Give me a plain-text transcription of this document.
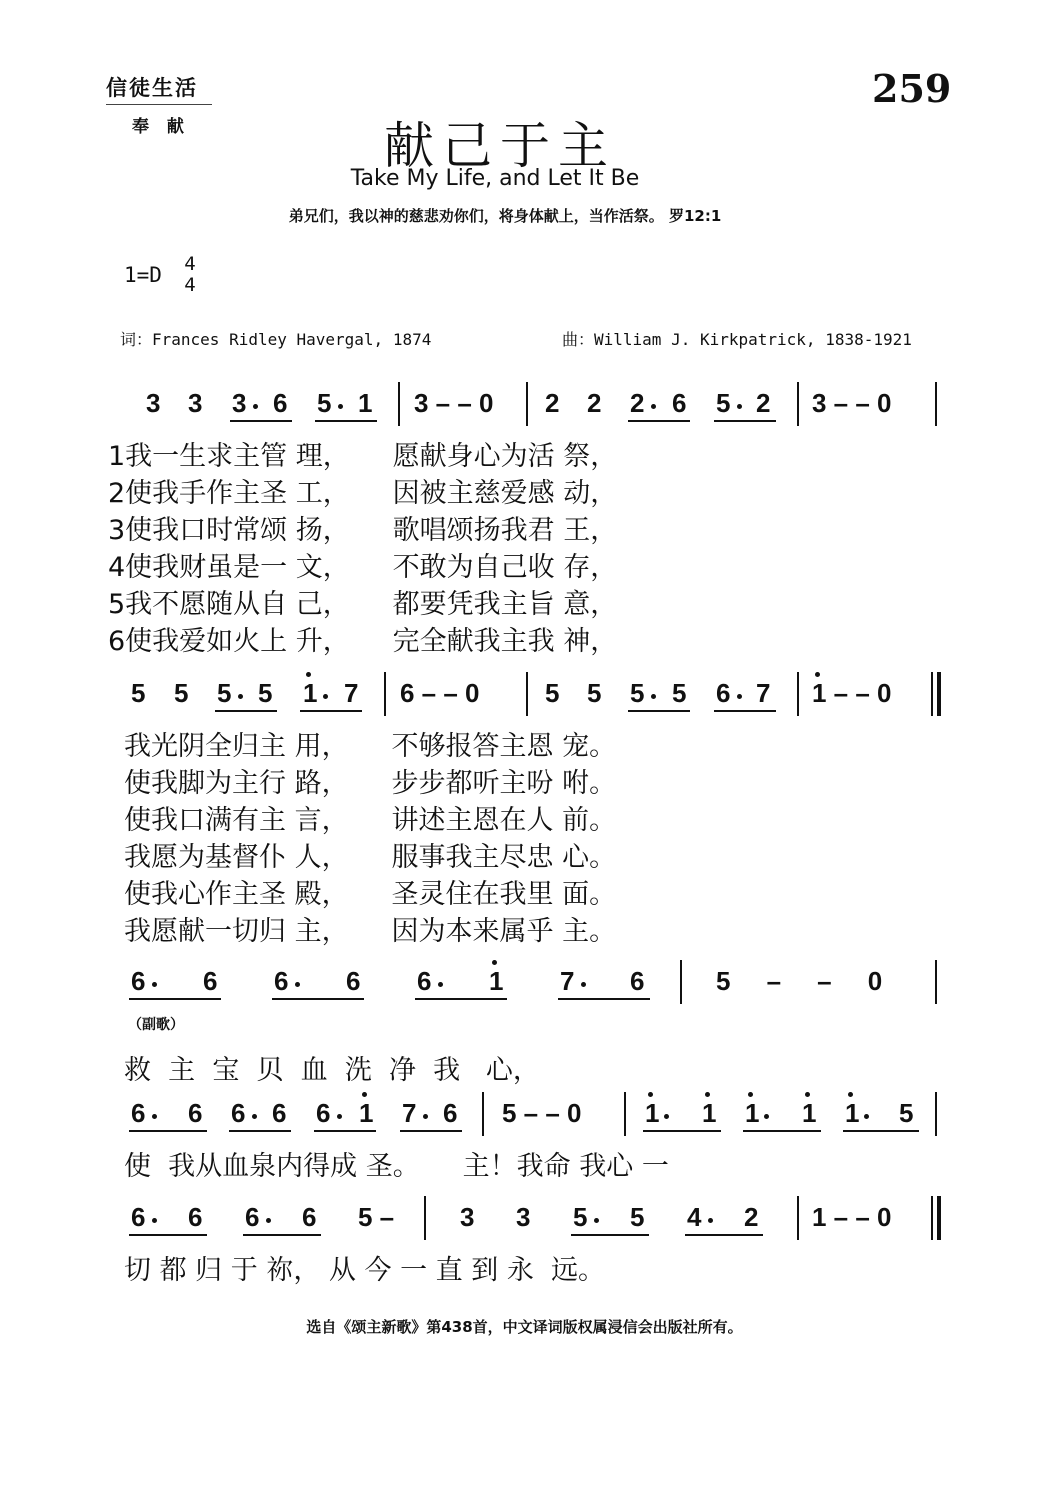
信徒生活
奉 献
259
献己于主
Take My Life, and Let It Be
弟兄们，我以神的慈悲劝你们，将身体献上，当作活祭。 罗12:1
1=D	4
4
词：Frances Ridley Havergal, 1874	曲：William J. Kirkpatrick, 1838-1921
3 3 3 6 5 1 3 – – 0 2 2 2 6 5 2 3 – – 0
1我一生求主管 理，     愿献身心为活 祭，
2使我手作主圣 工，     因被主慈爱感 动，
3使我口时常颂 扬，     歌唱颂扬我君 王，
4使我财虽是一 文，     不敢为自己收 存，
5我不愿随从自 己，     都要凭我主旨 意，
6使我爱如火上 升，     完全献我主我 神，
5 5 5 5 1 7 6 – – 0	5 5 5 5 6 7 1 – – 0
我光阴全归主 用，     不够报答主恩 宠。
使我脚为主行 路，     步步都听主吩 咐。
使我口满有主 言，     讲述主恩在人 前。
我愿为基督仆 人，     服事我主尽忠 心。
使我心作主圣 殿，     圣灵住在我里 面。
我愿献一切归 主，     因为本来属乎 主。
6 6 6 6 6 1 7 6	5     –     –     0
（副歌）
救  主  宝  贝  血  洗  净  我   心，
6 6 6 6 6 1 7 6 5 – – 0 1 1 1 1 1 5
使  我从血泉内得成 圣。     主！我命 我心 一
6 6 6 6 5 –	3 3 5 5 4 2 1 – – 0
切 都 归 于 祢， 从 今 一 直 到 永  远。
选自《颂主新歌》第438首，中文译词版权属浸信会出版社所有。
